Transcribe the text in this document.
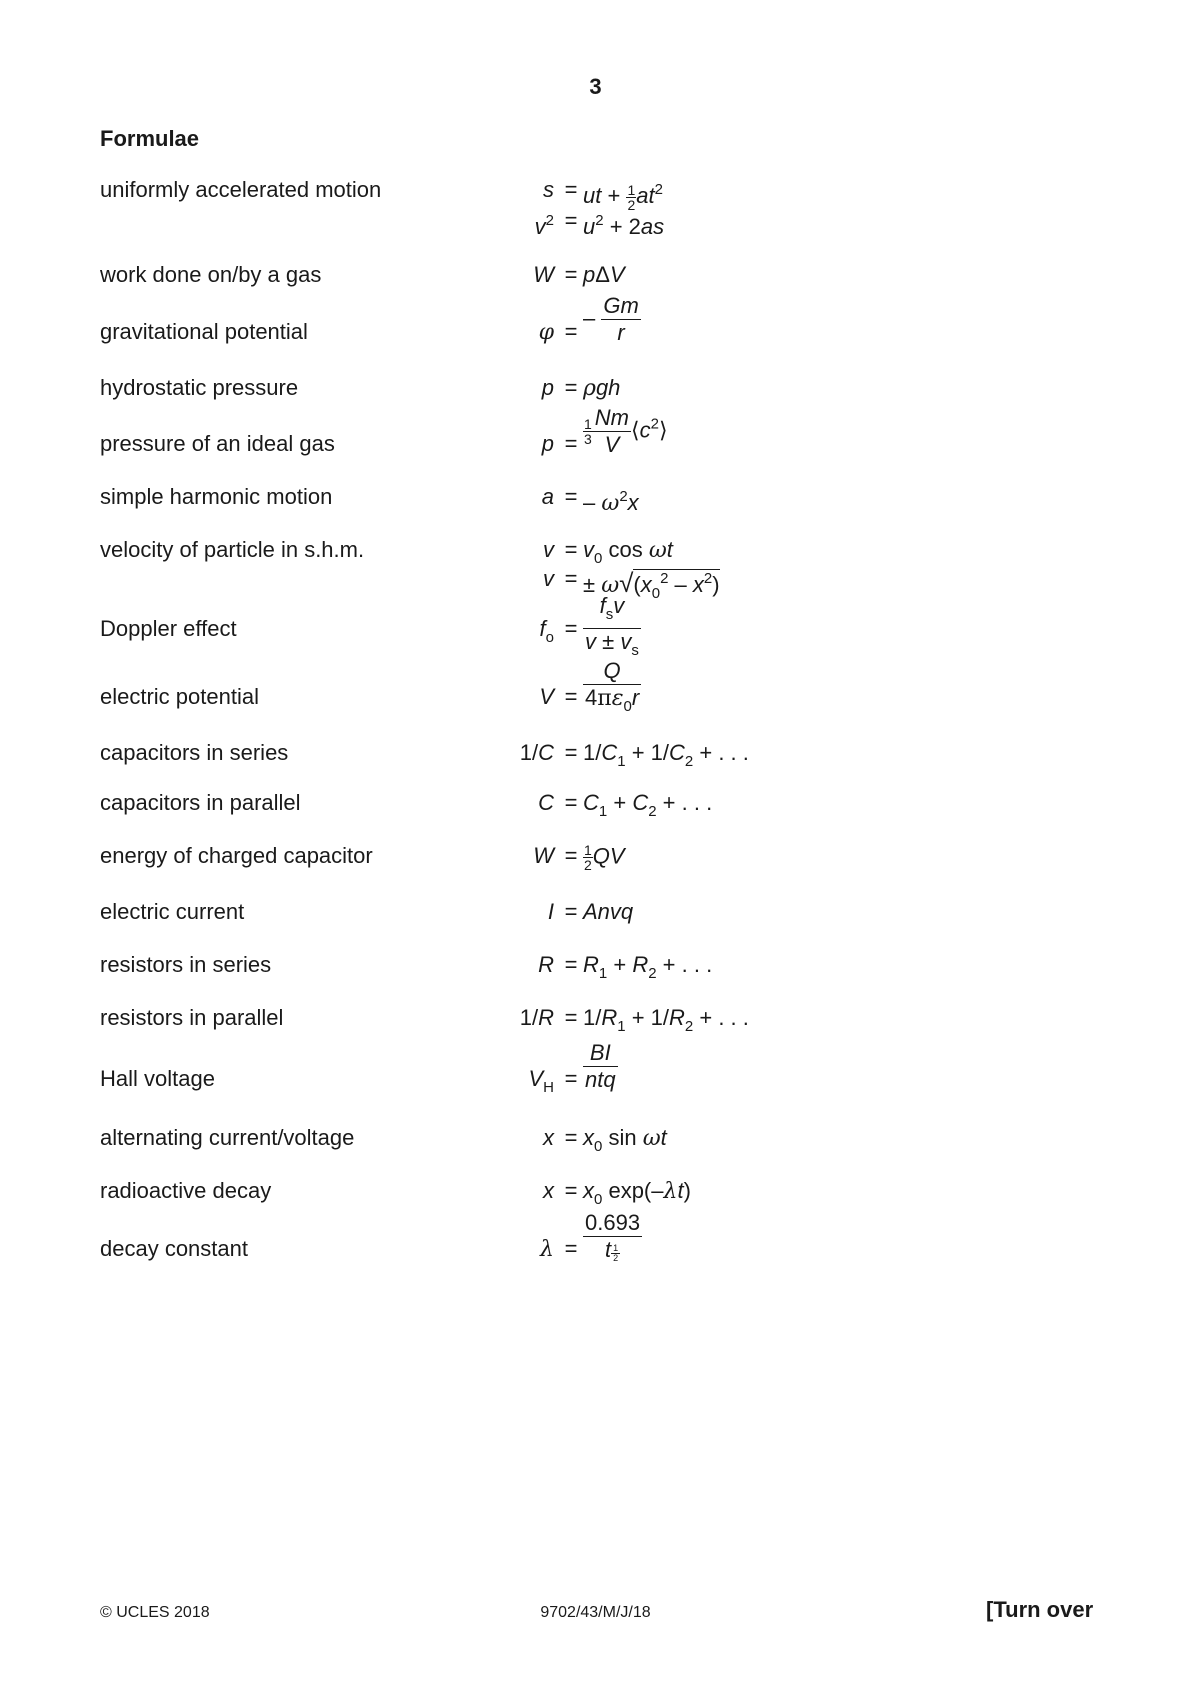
3
Formulae
uniformly accelerated motion	s = ut + $\frac{1}{2} at^2$
$v^2 = u^2 + 2as$
work done on/by a gas	W = pΔV
gravitational potential	φ =
– $\frac{Gm}{r}$
hydrostatic pressure	p = ρgh
pressure of an ideal gas	$p = \frac{1}{3} \frac{Nm}{V}$ $⟨c^2⟩$
simple harmonic motion	a = – $\omega^2x$
velocity of particle in s.h.m.	$v = v_0$ cos ωt
v = ± $\omega√(x_0^2 - x^2)$
Doppler effect	$f_o = \frac{f_sv}{v \pm v_s}$
electric potential	$V = \frac{Q}{4\pi\varepsilon_0r}$
capacitors in series	$1/C = 1/C_1 + 1/C_2$ + . . .
capacitors in parallel	$C = C_1 + C_2$ + . . .
energy of charged capacitor	$W = \frac{1}{2}$ QV
electric current	I = Anvq
resistors in series	$R = R_1 + R_2$ + . . .
resistors in parallel	$1/R = 1/R_1 + 1/R_2$ + . . .
Hall voltage	$V_H = \frac{BI}{\text{ntq}}$
alternating current/voltage	$x = x_0$ sin ωt
radioactive decay	$x = x_0$ exp(–λt)
decay constant	$\lambda = \frac{0.693}{t \frac{1}{2}}$
© UCLES 2018	9702/43/M/J/18	[Turn over
